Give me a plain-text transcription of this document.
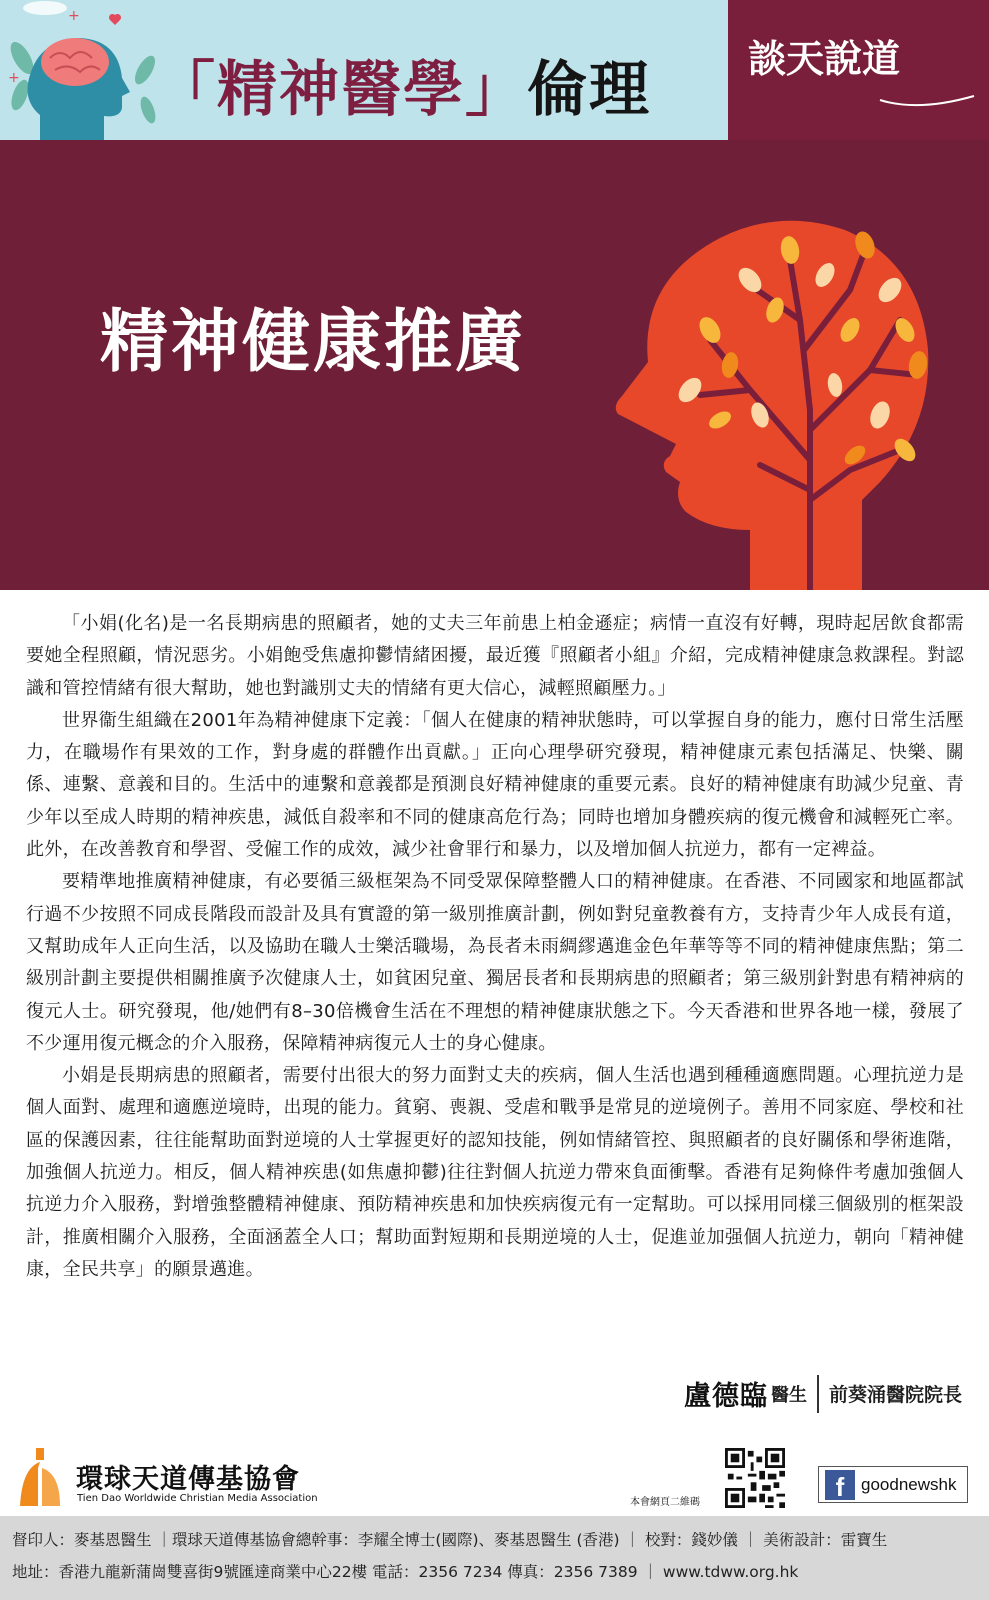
+
+ 「精神醫學」倫理	談天說道
精神健康推廣

「小娟(化名)是一名長期病患的照顧者，她的丈夫三年前患上柏金遜症；病情一直沒有好轉，現時起居飲食都需要她全程照顧，情況惡劣。小娟飽受焦慮抑鬱情緒困擾，最近獲『照顧者小組』介紹，完成精神健康急救課程。對認識和管控情緒有很大幫助，她也對識別丈夫的情緒有更大信心，減輕照顧壓力。」

世界衞生組織在2001年為精神健康下定義：「個人在健康的精神狀態時，可以掌握自身的能力，應付日常生活壓力，在職場作有果效的工作，對身處的群體作出貢獻。」正向心理學研究發現，精神健康元素包括滿足、快樂、關係、連繫、意義和目的。生活中的連繫和意義都是預測良好精神健康的重要元素。良好的精神健康有助減少兒童、青少年以至成人時期的精神疾患，減低自殺率和不同的健康高危行為；同時也增加身體疾病的復元機會和減輕死亡率。此外，在改善教育和學習、受僱工作的成效，減少社會罪行和暴力，以及增加個人抗逆力，都有一定裨益。

要精準地推廣精神健康，有必要循三級框架為不同受眾保障整體人口的精神健康。在香港、不同國家和地區都試行過不少按照不同成長階段而設計及具有實證的第一級別推廣計劃，例如對兒童教養有方，支持青少年人成長有道，又幫助成年人正向生活，以及協助在職人士樂活職場，為長者未雨綢繆邁進金色年華等等不同的精神健康焦點；第二級別計劃主要提供相關推廣予次健康人士，如貧困兒童、獨居長者和長期病患的照顧者；第三級別針對患有精神病的復元人士。研究發現，他/她們有8–30倍機會生活在不理想的精神健康狀態之下。今天香港和世界各地一樣，發展了不少運用復元概念的介入服務，保障精神病復元人士的身心健康。

小娟是長期病患的照顧者，需要付出很大的努力面對丈夫的疾病，個人生活也遇到種種適應問題。心理抗逆力是個人面對、處理和適應逆境時，出現的能力。貧窮、喪親、受虐和戰爭是常見的逆境例子。善用不同家庭、學校和社區的保護因素，往往能幫助面對逆境的人士掌握更好的認知技能，例如情緒管控、與照顧者的良好關係和學術進階，加強個人抗逆力。相反，個人精神疾患(如焦慮抑鬱)往往對個人抗逆力帶來負面衝擊。香港有足夠條件考慮加強個人抗逆力介入服務，對增強整體精神健康、預防精神疾患和加快疾病復元有一定幫助。可以採用同樣三個級別的框架設計，推廣相關介入服務，全面涵蓋全人口；幫助面對短期和長期逆境的人士，促進並加强個人抗逆力，朝向「精神健康，全民共享」的願景邁進。

盧德臨 醫生 前葵涌醫院院長
環球天道傳基協會
Tien Dao Worldwide Christian Media Association	本會網頁二維碼
f goodnewshk
督印人：麥基恩醫生 ｜環球天道傳基協會總幹事：李耀全博士(國際)、麥基恩醫生 (香港) ｜ 校對：錢妙儀 ｜ 美術設計：雷寶生
地址：香港九龍新蒲崗雙喜街9號匯達商業中心22樓 電話：2356 7234 傳真：2356 7389 ｜ www.tdww.org.hk
